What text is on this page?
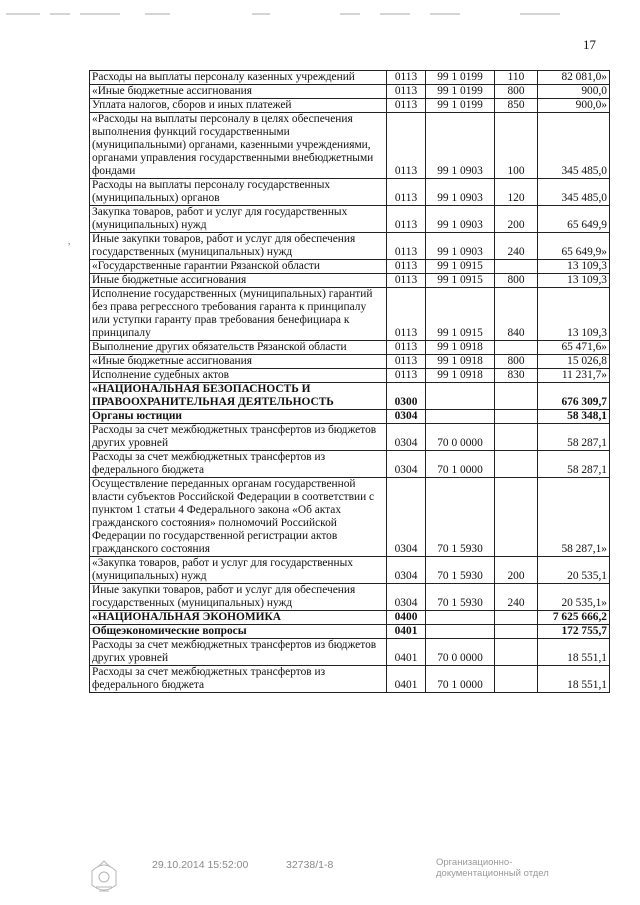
17
,
Расходы на выплаты персоналу казенных учреждений	0113	99 1 0199	110	82 081,0»
«Иные бюджетные ассигнования	0113	99 1 0199	800	900,0
Уплата налогов, сборов и иных платежей	0113	99 1 0199	850	900,0»
«Расходы на выплаты персоналу в целях обеспечения выполнения функций государственными (муниципальными) органами, казенными учреждениями, органами управления государственными внебюджетными фондами	0113	99 1 0903	100	345 485,0
Расходы на выплаты персоналу государственных (муниципальных) органов	0113	99 1 0903	120	345 485,0
Закупка товаров, работ и услуг для государственных (муниципальных) нужд	0113	99 1 0903	200	65 649,9
Иные закупки товаров, работ и услуг для обеспечения государственных (муниципальных) нужд	0113	99 1 0903	240	65 649,9»
«Государственные гарантии Рязанской области	0113	99 1 0915		13 109,3
Иные бюджетные ассигнования	0113	99 1 0915	800	13 109,3
Исполнение государственных (муниципальных) гарантий без права регрессного требования гаранта к принципалу или уступки гаранту прав требования бенефициара к принципалу	0113	99 1 0915	840	13 109,3
Выполнение других обязательств Рязанской области	0113	99 1 0918		65 471,6»
«Иные бюджетные ассигнования	0113	99 1 0918	800	15 026,8
Исполнение судебных актов	0113	99 1 0918	830	11 231,7»
«НАЦИОНАЛЬНАЯ БЕЗОПАСНОСТЬ И ПРАВООХРАНИТЕЛЬНАЯ ДЕЯТЕЛЬНОСТЬ	0300			676 309,7
Органы юстиции	0304			58 348,1
Расходы за счет межбюджетных трансфертов из бюджетов других уровней	0304	70 0 0000		58 287,1
Расходы за счет межбюджетных трансфертов из федерального бюджета	0304	70 1 0000		58 287,1
Осуществление переданных органам государственной власти субъектов Российской Федерации в соответствии с пунктом 1 статьи 4 Федерального закона «Об актах гражданского состояния» полномочий Российской Федерации по государственной регистрации актов гражданского состояния	0304	70 1 5930		58 287,1»
«Закупка товаров, работ и услуг для государственных (муниципальных) нужд	0304	70 1 5930	200	20 535,1
Иные закупки товаров, работ и услуг для обеспечения государственных (муниципальных) нужд	0304	70 1 5930	240	20 535,1»
«НАЦИОНАЛЬНАЯ ЭКОНОМИКА	0400			7 625 666,2
Общеэкономические вопросы	0401			172 755,7
Расходы за счет межбюджетных трансфертов из бюджетов других уровней	0401	70 0 0000		18 551,1
Расходы за счет межбюджетных трансфертов из федерального бюджета	0401	70 1 0000		18 551,1
29.10.2014 15:52:00	32738/1-8	Организационно-документационный отдел
